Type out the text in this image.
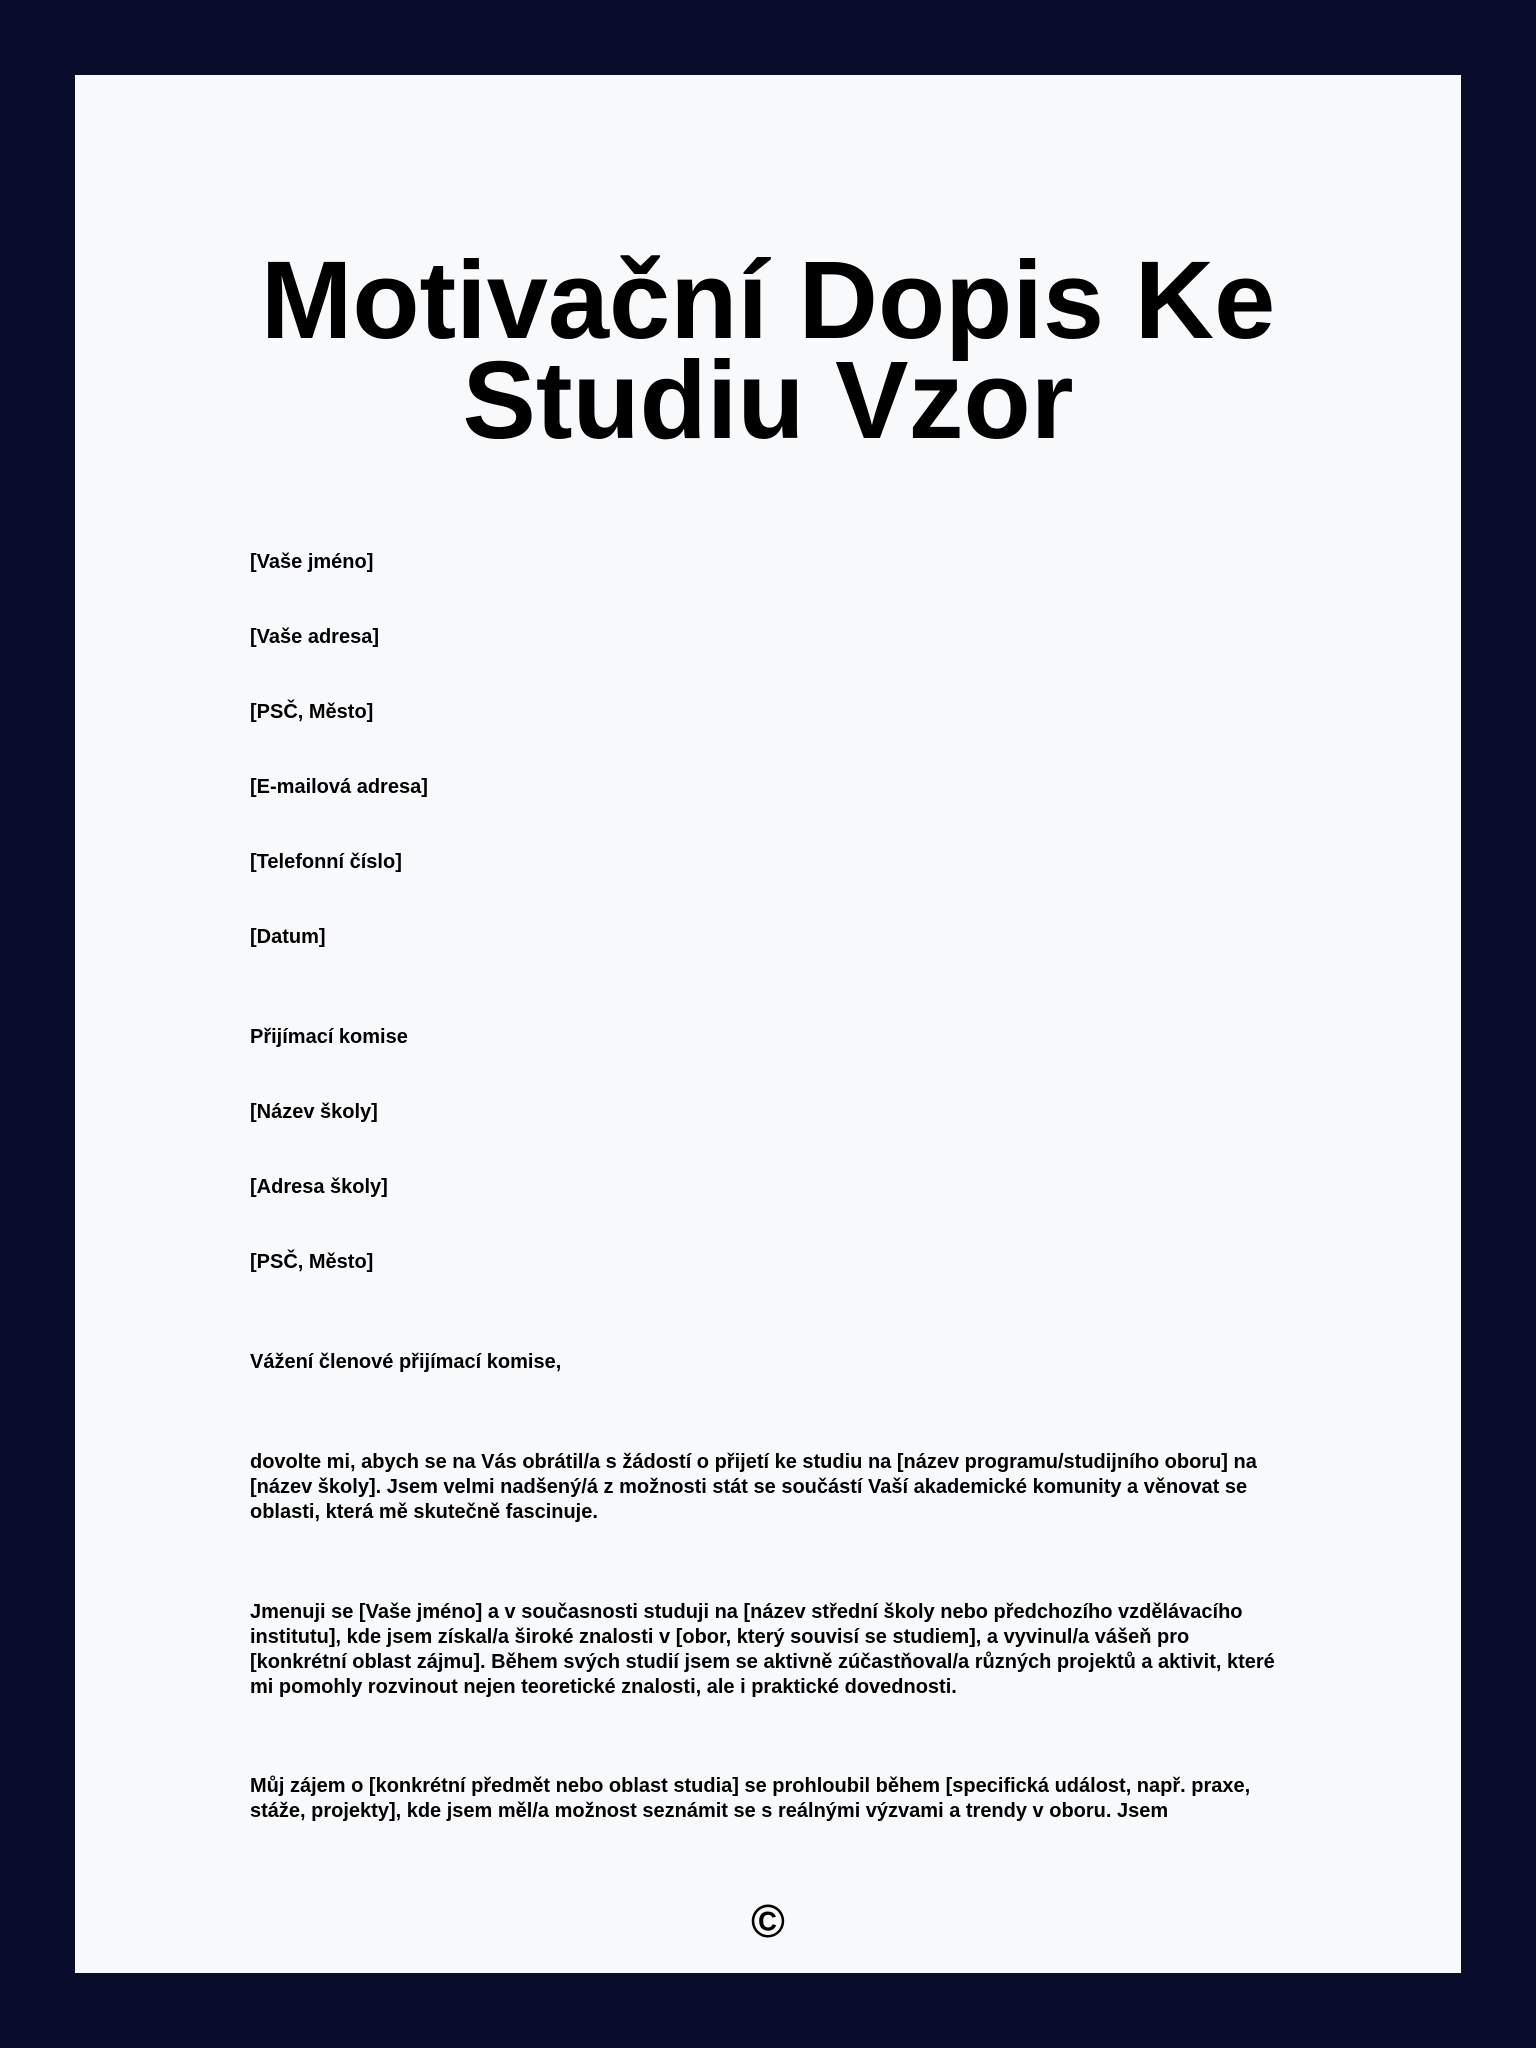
Motivační Dopis Ke Studiu Vzor
[Vaše jméno]
[Vaše adresa]
[PSČ, Město]
[E-mailová adresa]
[Telefonní číslo]
[Datum]
Přijímací komise
[Název školy]
[Adresa školy]
[PSČ, Město]
Vážení členové přijímací komise,
dovolte mi, abych se na Vás obrátil/a s žádostí o přijetí ke studiu na [název programu/studijního oboru] na [název školy]. Jsem velmi nadšený/á z možnosti stát se součástí Vaší akademické komunity a věnovat se oblasti, která mě skutečně fascinuje.
Jmenuji se [Vaše jméno] a v současnosti studuji na [název střední školy nebo předchozího vzdělávacího institutu], kde jsem získal/a široké znalosti v [obor, který souvisí se studiem], a vyvinul/a vášeň pro [konkrétní oblast zájmu]. Během svých studií jsem se aktivně zúčastňoval/a různých projektů a aktivit, které mi pomohly rozvinout nejen teoretické znalosti, ale i praktické dovednosti.
Můj zájem o [konkrétní předmět nebo oblast studia] se prohloubil během [specifická událost, např. praxe, stáže, projekty], kde jsem měl/a možnost seznámit se s reálnými výzvami a trendy v oboru. Jsem
©
